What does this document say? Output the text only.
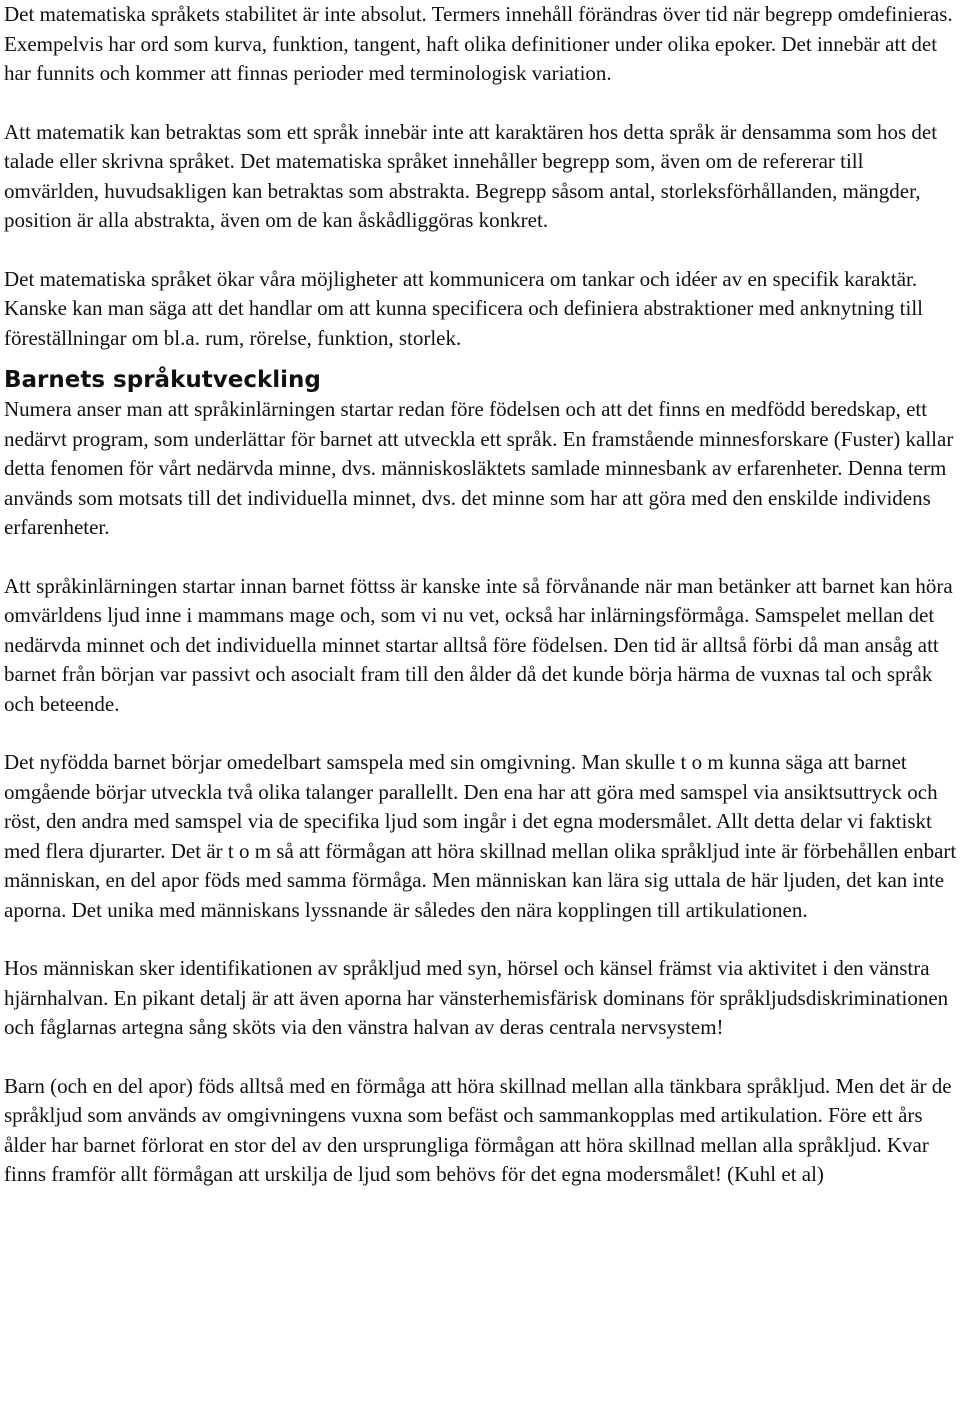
Det matematiska språkets stabilitet är inte absolut. Termers innehåll förändras över tid när begrepp omdefinieras. Exempelvis har ord som kurva, funktion, tangent, haft olika definitioner under olika epoker. Det innebär att det har funnits och kommer att finnas perioder med terminologisk variation.

Att matematik kan betraktas som ett språk innebär inte att karaktären hos detta språk är densamma som hos det talade eller skrivna språket. Det matematiska språket innehåller begrepp som, även om de refererar till omvärlden, huvudsakligen kan betraktas som abstrakta. Begrepp såsom antal, storleksförhållanden, mängder, position är alla abstrakta, även om de kan åskådliggöras konkret.

Det matematiska språket ökar våra möjligheter att kommunicera om tankar och idéer av en specifik karaktär. Kanske kan man säga att det handlar om att kunna specificera och definiera abstraktioner med anknytning till föreställningar om bl.a. rum, rörelse, funktion, storlek.

Barnets språkutveckling

Numera anser man att språkinlärningen startar redan före födelsen och att det finns en medfödd beredskap, ett nedärvt program, som underlättar för barnet att utveckla ett språk. En framstående minnesforskare (Fuster) kallar detta fenomen för vårt nedärvda minne, dvs. människosläktets samlade minnesbank av erfarenheter. Denna term används som motsats till det individuella minnet, dvs. det minne som har att göra med den enskilde individens erfarenheter.

Att språkinlärningen startar innan barnet föttss är kanske inte så förvånande när man betänker att barnet kan höra omvärldens ljud inne i mammans mage och, som vi nu vet, också har inlärningsförmåga. Samspelet mellan det nedärvda minnet och det individuella minnet startar alltså före födelsen. Den tid är alltså förbi då man ansåg att barnet från början var passivt och asocialt fram till den ålder då det kunde börja härma de vuxnas tal och språk och beteende.

Det nyfödda barnet börjar omedelbart samspela med sin omgivning. Man skulle t o m kunna säga att barnet omgående börjar utveckla två olika talanger parallellt. Den ena har att göra med samspel via ansiktsuttryck och röst, den andra med samspel via de specifika ljud som ingår i det egna modersmålet. Allt detta delar vi faktiskt med flera djurarter. Det är t o m så att förmågan att höra skillnad mellan olika språkljud inte är förbehållen enbart människan, en del apor föds med samma förmåga. Men människan kan lära sig uttala de här ljuden, det kan inte aporna. Det unika med människans lyssnande är således den nära kopplingen till artikulationen.

Hos människan sker identifikationen av språkljud med syn, hörsel och känsel främst via aktivitet i den vänstra hjärnhalvan. En pikant detalj är att även aporna har vänsterhemisfärisk dominans för språkljudsdiskriminationen och fåglarnas artegna sång sköts via den vänstra halvan av deras centrala nervsystem!

Barn (och en del apor) föds alltså med en förmåga att höra skillnad mellan alla tänkbara språkljud. Men det är de språkljud som används av omgivningens vuxna som befäst och sammankopplas med artikulation. Före ett års ålder har barnet förlorat en stor del av den ursprungliga förmågan att höra skillnad mellan alla språkljud. Kvar finns framför allt förmågan att urskilja de ljud som behövs för det egna modersmålet! (Kuhl et al)
